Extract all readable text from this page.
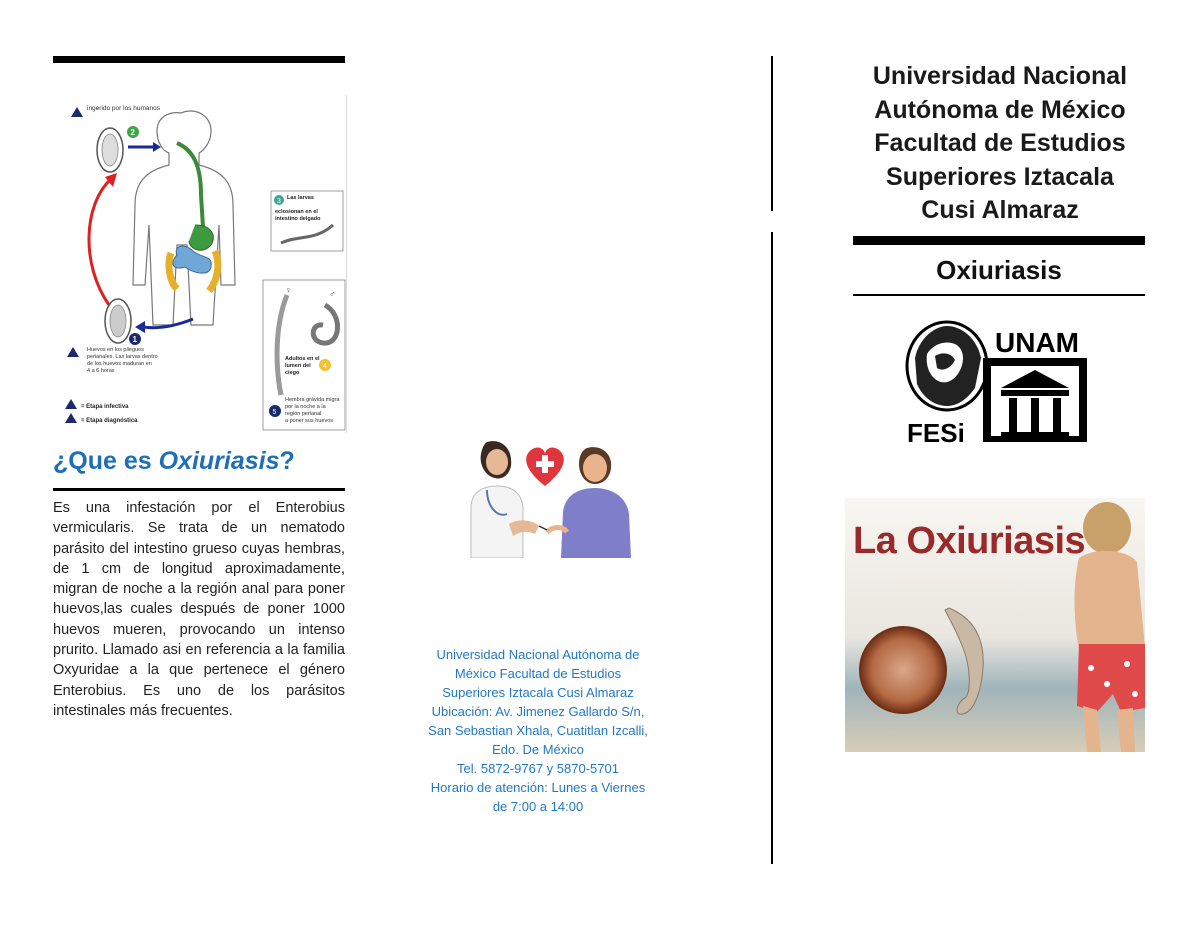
ingerido por los humanos
2
1
3 Las larvas
eclosionan en el
intestino delgado
♀	♂
Adultos en el
lumen del
ciego
4
Hembra grávida migra
por la noche a la
región perianal
a poner sus huevos
5
Huevos en los pliegues
perianales. Las larvas dentro
de los huevos maduran en
4 a 6 horas
= Etapa infectiva
= Etapa diagnóstica
¿Que es Oxiuriasis?
Es una infestación por el Enterobius vermicularis. Se trata de un nematodo parásito del intestino grueso cuyas hembras, de 1 cm de longitud aproximadamente, migran de noche a la región anal para poner huevos,las cuales después de poner 1000 huevos mueren, provocando un intenso prurito. Llamado asi en referencia a la familia Oxyuridae a la que pertenece el género Enterobius. Es uno de los parásitos intestinales más frecuentes.
Universidad Nacional Autónoma de
México Facultad de Estudios
Superiores Iztacala Cusi Almaraz
Ubicación: Av. Jimenez Gallardo S/n,
San Sebastian Xhala, Cuatitlan Izcalli,
Edo. De México
Tel. 5872-9767 y 5870-5701
Horario de atención: Lunes a Viernes
de 7:00 a 14:00
Universidad Nacional
Autónoma de México
Facultad de Estudios
Superiores Iztacala
Cusi Almaraz
Oxiuriasis
FESi
UNAM
La Oxiuriasis
